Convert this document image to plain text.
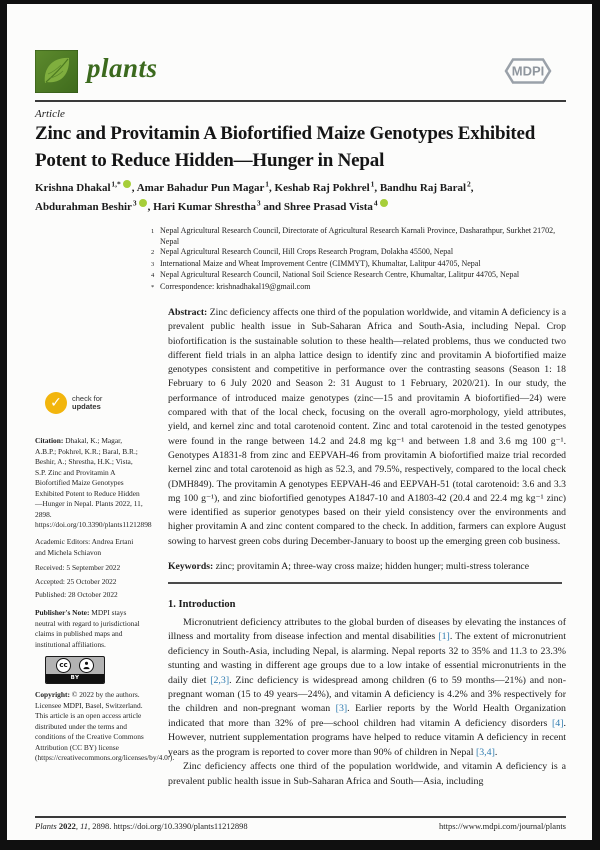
plants	MDPI
Article
Zinc and Provitamin A Biofortified Maize Genotypes Exhibited
Potent to Reduce Hidden—Hunger in Nepal
Krishna Dhakal $^{1,*}$ , Amar Bahadur Pun Magar $^1$, Keshab Raj Pokhrel $^1$, Bandhu Raj Baral $^2$,
Abdurahman Beshir $^3$ , Hari Kumar Shrestha $^3$ and Shree Prasad Vista $^4$
1 Nepal Agricultural Research Council, Directorate of Agricultural Research Karnali Province, Dasharathpur, Surkhet 21702, Nepal
2 Nepal Agricultural Research Council, Hill Crops Research Program, Dolakha 45500, Nepal
3 International Maize and Wheat Improvement Centre (CIMMYT), Khumaltar, Lalitpur 44705, Nepal
4 Nepal Agricultural Research Council, National Soil Science Research Centre, Khumaltar, Lalitpur 44705, Nepal
* Correspondence: krishnadhakal19@gmail.com
Abstract: Zinc deficiency affects one third of the population worldwide, and vitamin A deficiency is a prevalent public health issue in Sub-Saharan Africa and South-Asia, including Nepal. Crop biofortification is the sustainable solution to these health—related problems, thus we conducted two different field trials in an alpha lattice design to identify zinc and provitamin A biofortified maize genotypes consistent and competitive in performance over the contrasting seasons (Season 1: 18 February to 6 July 2020 and Season 2: 31 August to 1 February, 2020/21). In our study, the performance of introduced maize genotypes (zinc—15 and provitamin A biofortified—24) were compared with that of the local check, focusing on the overall agro-morphology, yield attributes, yield, and kernel zinc and total carotenoid content. Zinc and total carotenoid in the tested genotypes were found in the range between 14.2 and 24.8 mg kg⁻¹ and between 1.8 and 3.6 mg 100 g⁻¹. Genotypes A1831-8 from zinc and EEPVAH-46 from provitamin A biofortified maize trial recorded kernel zinc and total carotenoid as high as 52.3, and 79.5%, respectively, compared to the local check (DMH849). The provitamin A genotypes EEPVAH-46 and EEPVAH-51 (total carotenoid: 3.6 and 3.3 mg 100 g⁻¹), and zinc biofortified genotypes A1847-10 and A1803-42 (20.4 and 22.4 mg kg⁻¹ zinc) were identified as superior genotypes based on their yield consistency over the environments and higher provitamin A and zinc content compared to the check. In addition, farmers can explore August sowing to harvest green cobs during December-January to boost up the emerging green cob business.
Keywords: zinc; provitamin A; three-way cross maize; hidden hunger; multi-stress tolerance
1. Introduction
Micronutrient deficiency attributes to the global burden of diseases by elevating the instances of illness and mortality from disease infection and mental disabilities [1]. The extent of micronutrient deficiency in South-Asia, including Nepal, is alarming. Nepal reports 32 to 35% and 11.3 to 23.3% stunting and wasting in different age groups due to a low intake of essential micronutrients in the daily diet [2,3]. Zinc deficiency is widespread among children (6 to 59 months—21%) and non-pregnant woman (15 to 49 years—24%), and vitamin A deficiency is 4.2% and 3% respectively for the children and non-pregnant woman [3]. Earlier reports by the World Health Organization indicated that more than 32% of pre—school children had vitamin A deficiency disorders [4]. However, nutrient supplementation programs have helped to reduce vitamin A deficiency in recent years as the program is reported to cover more than 90% of children in Nepal [3,4].
Zinc deficiency affects one third of the population worldwide, and vitamin A deficiency is a prevalent public health issue in Sub-Saharan Africa and South—Asia, including
✓	check for
updates
Citation: Dhakal, K.; Magar, A.B.P.; Pokhrel, K.R.; Baral, B.R.; Beshir, A.; Shrestha, H.K.; Vista, S.P. Zinc and Provitamin A Biofortified Maize Genotypes Exhibited Potent to Reduce Hidden—Hunger in Nepal. Plants 2022, 11, 2898. https://doi.org/10.3390/plants11212898
Academic Editors: Andrea Ertani and Michela Schiavon
Received: 5 September 2022
Accepted: 25 October 2022
Published: 28 October 2022
Publisher's Note: MDPI stays neutral with regard to jurisdictional claims in published maps and institutional affiliations.
cc
BY
Copyright: © 2022 by the authors. Licensee MDPI, Basel, Switzerland. This article is an open access article distributed under the terms and conditions of the Creative Commons Attribution (CC BY) license (https://creativecommons.org/licenses/by/4.0/).
Plants 2022, 11, 2898. https://doi.org/10.3390/plants11212898	https://www.mdpi.com/journal/plants
